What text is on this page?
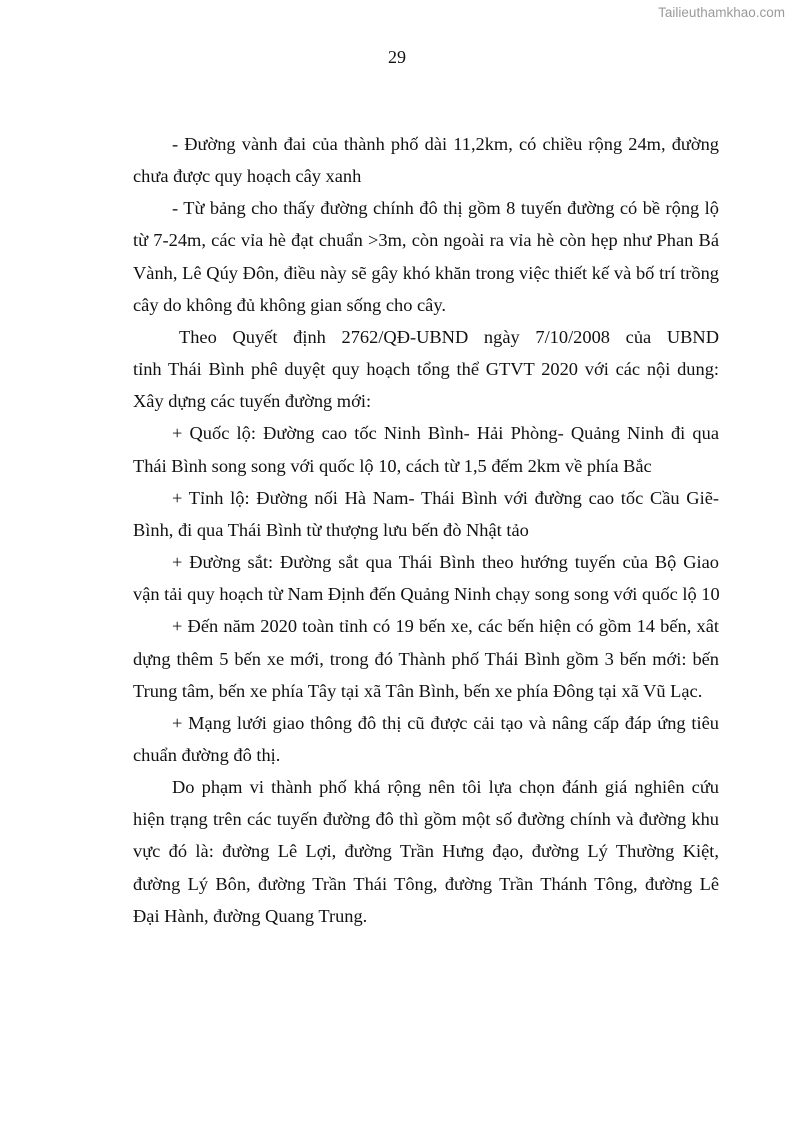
Tailieuthamkhao.com
29
- Đường vành đai của thành phố dài 11,2km, có chiều rộng 24m, đường
chưa được quy hoạch cây xanh
- Từ bảng cho thấy đường chính đô thị gồm 8 tuyến đường có bề rộng lộ
từ 7-24m, các vỉa hè đạt chuẩn >3m, còn ngoài ra vỉa hè còn hẹp như Phan Bá
Vành, Lê Qúy Đôn, điều này sẽ gây khó khăn trong việc thiết kế và bố trí trồng
cây do không đủ không gian sống cho cây.
Theo Quyết định 2762/QĐ-UBND ngày 7/10/2008 của UBND
tỉnh Thái Bình phê duyệt quy hoạch tổng thể GTVT 2020 với các nội dung:
Xây dựng các tuyến đường mới:
+ Quốc lộ: Đường cao tốc Ninh Bình- Hải Phòng- Quảng Ninh đi qua
Thái Bình song song với quốc lộ 10, cách từ 1,5 đếm 2km về phía Bắc
+ Tỉnh lộ: Đường nối Hà Nam- Thái Bình với đường cao tốc Cầu Giẽ-
Bình, đi qua Thái Bình từ thượng lưu bến đò Nhật tảo
+ Đường sắt: Đường sắt qua Thái Bình theo hướng tuyến của Bộ Giao
vận tải quy hoạch từ Nam Định đến Quảng Ninh chạy song song với quốc lộ 10
+ Đến năm 2020 toàn tỉnh có 19 bến xe, các bến hiện có gồm 14 bến, xât
dựng thêm 5 bến xe mới, trong đó Thành phố Thái Bình gồm 3 bến mới: bến
Trung tâm, bến xe phía Tây tại xã Tân Bình, bến xe phía Đông tại xã Vũ Lạc.
+ Mạng lưới giao thông đô thị cũ được cải tạo và nâng cấp đáp ứng tiêu
chuẩn đường đô thị.
Do phạm vi thành phố khá rộng nên tôi lựa chọn đánh giá nghiên cứu
hiện trạng trên các tuyến đường đô thì gồm một số đường chính và đường khu
vực đó là: đường Lê Lợi, đường Trần Hưng đạo, đường Lý Thường Kiệt,
đường Lý Bôn, đường Trần Thái Tông, đường Trần Thánh Tông, đường Lê
Đại Hành, đường Quang Trung.
